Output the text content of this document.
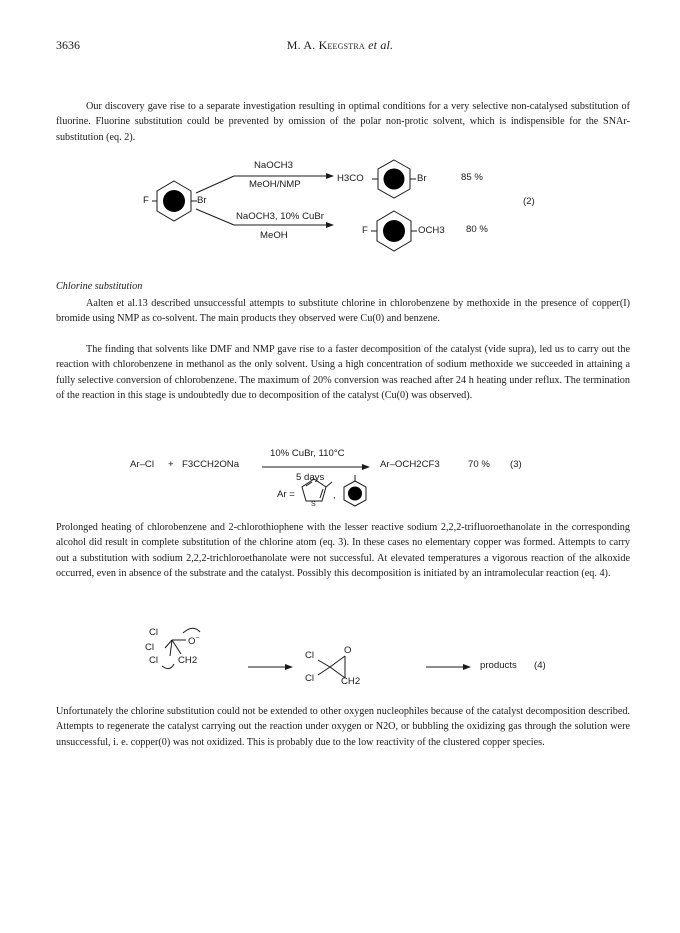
3636	M. A. Keegstra et al.

Our discovery gave rise to a separate investigation resulting in optimal conditions for a very selective non-catalysed substitution of fluorine. Fluorine substitution could be prevented by omission of the polar non-protic solvent, which is indispensible for the SNAr-substitution (eq. 2).

NaOCH3
MeOH/NMP
H3CO	Br	85 %
F	Br	(2)
NaOCH3, 10% CuBr
MeOH	F	OCH3 80 %
Chlorine substitution

Aalten et al.13 described unsuccessful attempts to substitute chlorine in chlorobenzene by methoxide in the presence of copper(I) bromide using NMP as co-solvent. The main products they observed were Cu(0) and benzene.

The finding that solvents like DMF and NMP gave rise to a faster decomposition of the catalyst (vide supra), led us to carry out the reaction with chlorobenzene in methanol as the only solvent. Using a high concentration of sodium methoxide we succeeded in attaining a fully selective conversion of chlorobenzene. The maximum of 20% conversion was reached after 24 h heating under reflux. The termination of the reaction in this stage is undoubtedly due to decomposition of the catalyst (Cu(0) was observed).

Ar–Cl + F3CCH2ONa
10% CuBr, 110°C
5 days
Ar–OCH2CF3	70 % (3)
Ar =
S
,

Prolonged heating of chlorobenzene and 2-chlorothiophene with the lesser reactive sodium 2,2,2-trifluoroethanolate in the corresponding alcohol did result in complete substitution of the chlorine atom (eq. 3). In these cases no elementary copper was formed. Attempts to carry out a substitution with sodium 2,2,2-trichloroethanolate were not successful. At elevated temperatures a vigorous reaction of the alkoxide occurred, even in absence of the substrate and the catalyst. Possibly this decomposition is initiated by an intramolecular reaction (eq. 4).

Cl
Cl
Cl
O−
CH2	Cl
Cl
O
CH2
products (4)

Unfortunately the chlorine substitution could not be extended to other oxygen nucleophiles because of the catalyst decomposition described. Attempts to regenerate the catalyst carrying out the reaction under oxygen or N2O, or bubbling the oxidizing gas through the solution were unsuccessful, i. e. copper(0) was not oxidized. This is probably due to the low reactivity of the clustered copper species.
